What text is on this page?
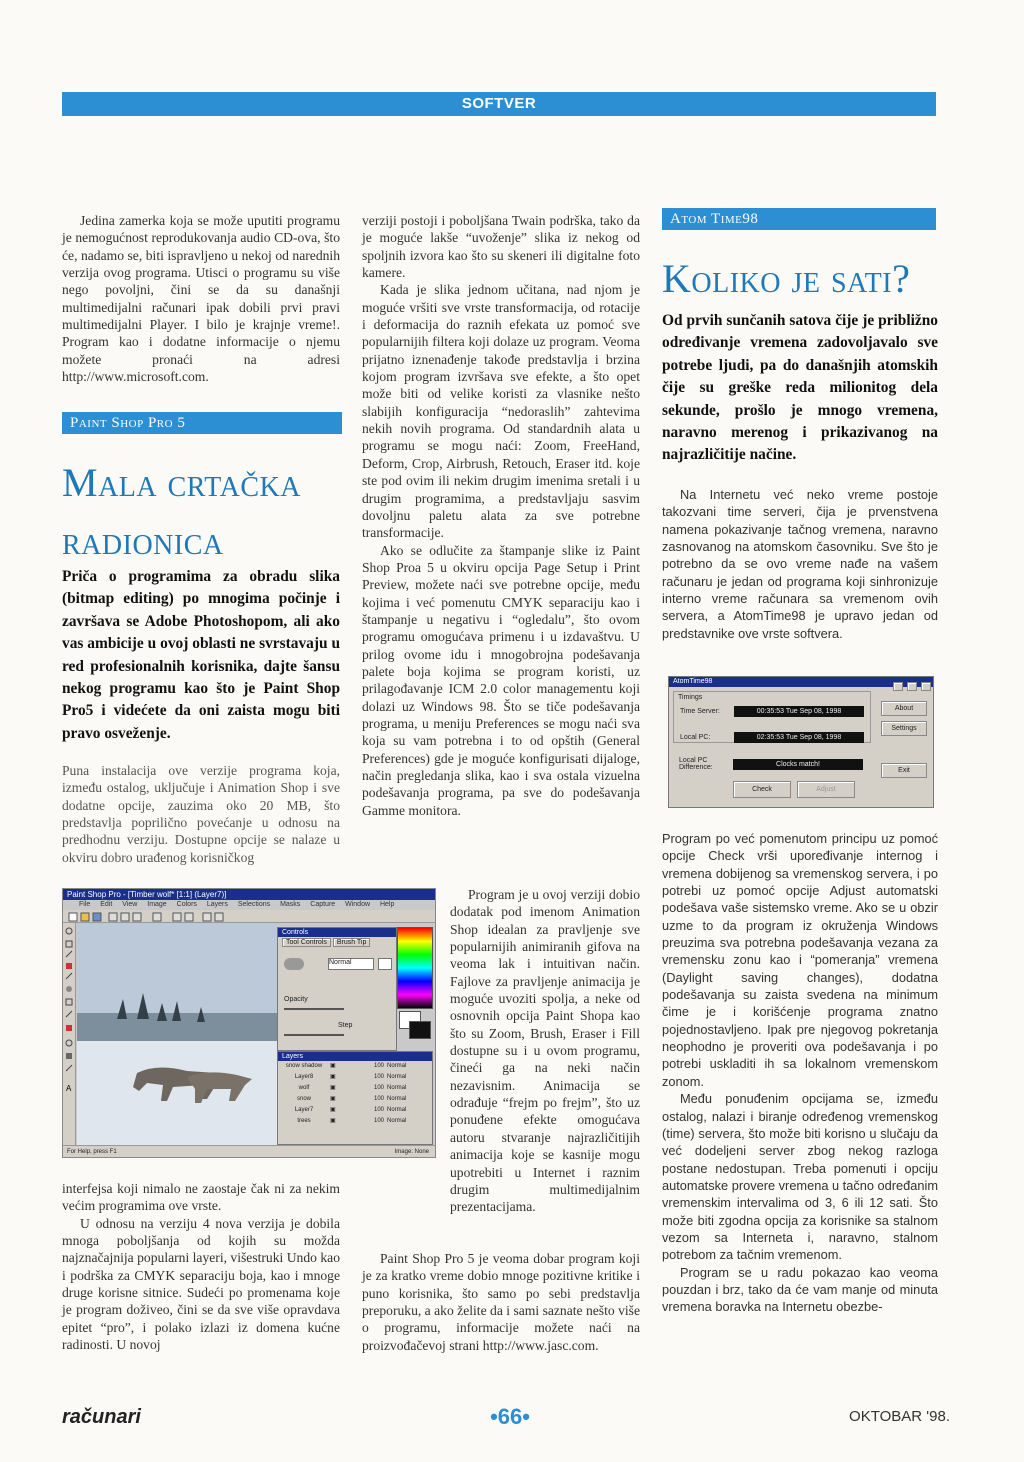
SOFTVER

Jedina zamerka koja se može uputiti programu je nemogućnost reprodukovanja audio CD-ova, što će, nadamo se, biti ispravljeno u nekoj od narednih verzija ovog programa. Utisci o programu su više nego povoljni, čini se da su današnji multimedijalni računari ipak dobili prvi pravi multimedijalni Player. I bilo je krajnje vreme!. Program kao i dodatne informacije o njemu možete pronaći na adresi http://www.microsoft.com.

Paint Shop Pro 5
Mala crtačka
radionica
Priča o programima za obradu slika (bitmap editing) po mnogima počinje i završava se Adobe Photoshopom, ali ako vas ambicije u ovoj oblasti ne svrstavaju u red profesionalnih korisnika, dajte šansu nekog programu kao što je Paint Shop Pro5 i videćete da oni zaista mogu biti pravo osveženje.

Puna instalacija ove verzije programa koja, između ostalog, uključuje i Animation Shop i sve dodatne opcije, zauzima oko 20 MB, što predstavlja poprilično povećanje u odnosu na predhodnu verziju. Dostupne opcije se nalaze u okviru dobro urađenog korisničkog

Paint Shop Pro - [Timber wolf* [1:1] (Layer7)]
File Edit View Image Colors Layers Selections Masks Capture Window Help
A
Controls
Tool Controls Brush Tip
Normal
Opacity
Step
Layers
snow shadow	▣	100 Normal
Layer8	▣	100 Normal
wolf	▣	100 Normal
snow	▣	100 Normal
Layer7	▣	100 Normal
trees	▣	100 Normal
For Help, press F1	Image: None

interfejsa koji nimalo ne zaostaje čak ni za nekim većim programima ove vrste.

U odnosu na verziju 4 nova verzija je dobila mnoga poboljšanja od kojih su možda najznačajnija popularni layeri, višestruki Undo kao i podrška za CMYK separaciju boja, kao i mnoge druge korisne sitnice. Sudeći po promenama koje je program doživeo, čini se da sve više opravdava epitet “pro”, i polako izlazi iz domena kućne radinosti. U novoj

verziji postoji i poboljšana Twain podrška, tako da je moguće lakše “uvoženje” slika iz nekog od spoljnih izvora kao što su skeneri ili digitalne foto kamere.

Kada je slika jednom učitana, nad njom je moguće vršiti sve vrste transformacija, od rotacije i deformacija do raznih efekata uz pomoć sve popularnijih filtera koji dolaze uz program. Veoma prijatno iznenađenje takođe predstavlja i brzina kojom program izvršava sve efekte, a što opet može biti od velike koristi za vlasnike nešto slabijih konfiguracija “nedoraslih” zahtevima nekih novih programa. Od standardnih alata u programu se mogu naći: Zoom, FreeHand, Deform, Crop, Airbrush, Retouch, Eraser itd. koje ste pod ovim ili nekim drugim imenima sretali i u drugim programima, a predstavljaju sasvim dovoljnu paletu alata za sve potrebne transformacije.

Ako se odlučite za štampanje slike iz Paint Shop Proa 5 u okviru opcija Page Setup i Print Preview, možete naći sve potrebne opcije, među kojima i već pomenutu CMYK separaciju kao i štampanje u negativu i “ogledalu”, što ovom programu omogućava primenu i u izdavaštvu. U prilog ovome idu i mnogobrojna podešavanja palete boja kojima se program koristi, uz prilagođavanje ICM 2.0 color managementu koji dolazi uz Windows 98. Što se tiče podešavanja programa, u meniju Preferences se mogu naći sva koja su vam potrebna i to od opštih (General Preferences) gde je moguće konfigurisati dijaloge, način pregledanja slika, kao i sva ostala vizuelna podešavanja programa, pa sve do podešavanja Gamme monitora.

Program je u ovoj verziji dobio dodatak pod imenom Animation Shop idealan za pravljenje sve popularnijih animiranih gifova na veoma lak i intuitivan način. Fajlove za pravljenje animacija je moguće uvoziti spolja, a neke od osnovnih opcija Paint Shopa kao što su Zoom, Brush, Eraser i Fill dostupne su i u ovom programu, čineći ga na neki način nezavisnim. Animacija se odrađuje “frejm po frejm”, što uz ponuđene efekte omogućava autoru stvaranje najrazličitijih animacija koje se kasnije mogu upotrebiti u Internet i raznim drugim multimedijalnim prezentacijama.

Paint Shop Pro 5 je veoma dobar program koji je za kratko vreme dobio mnoge pozitivne kritike i puno korisnika, što samo po sebi predstavlja preporuku, a ako želite da i sami saznate nešto više o programu, informacije možete naći na proizvođačevoj strani http://www.jasc.com.

Atom Time98
Koliko je sati?
Od prvih sunčanih satova čije je približno određivanje vremena zadovoljavalo sve potrebe ljudi, pa do današnjih atomskih čije su greške reda milionitog dela sekunde, prošlo je mnogo vremena, naravno merenog i prikazivanog na najrazličitije načine.

Na Internetu već neko vreme postoje takozvani time serveri, čija je prvenstvena namena pokazivanje tačnog vremena, naravno zasnovanog na atomskom časovniku. Sve što je potrebno da se ovo vreme nađe na vašem računaru je jedan od programa koji sinhronizuje interno vreme računara sa vremenom ovih servera, a AtomTime98 je upravo jedan od predstavnike ove vrste softvera.

AtomTime98

Timings
Time Server:	00:35:53 Tue Sep 08, 1998
Local PC:	02:35:53 Tue Sep 08, 1998
Local PC Difference:	Clocks match!
About
Settings
Exit
Check	Adjust

Program po već pomenutom principu uz pomoć opcije Check vrši upoređivanje internog i vremena dobijenog sa vremenskog servera, i po potrebi uz pomoć opcije Adjust automatski podešava vaše sistemsko vreme. Ako se u obzir uzme to da program iz okruženja Windows preuzima sva potrebna podešavanja vezana za vremensku zonu kao i “pomeranja” vremena (Daylight saving changes), dodatna podešavanja su zaista svedena na minimum čime je i korišćenje programa znatno pojednostavljeno. Ipak pre njegovog pokretanja neophodno je proveriti ova podešavanja i po potrebi uskladiti ih sa lokalnom vremenskom zonom.

Među ponuđenim opcijama se, između ostalog, nalazi i biranje određenog vremenskog (time) servera, što može biti korisno u slučaju da već dodeljeni server zbog nekog razloga postane nedostupan. Treba pomenuti i opciju automatske provere vremena u tačno određanim vremenskim intervalima od 3, 6 ili 12 sati. Što može biti zgodna opcija za korisnike sa stalnom vezom sa Internetа i, naravno, stalnom potrebom za tačnim vremenom.

Program se u radu pokazao kao veoma pouzdan i brz, tako da će vam manje od minuta vremena boravka na Internetu obezbe-

računari	•66•	OKTOBAR '98.
